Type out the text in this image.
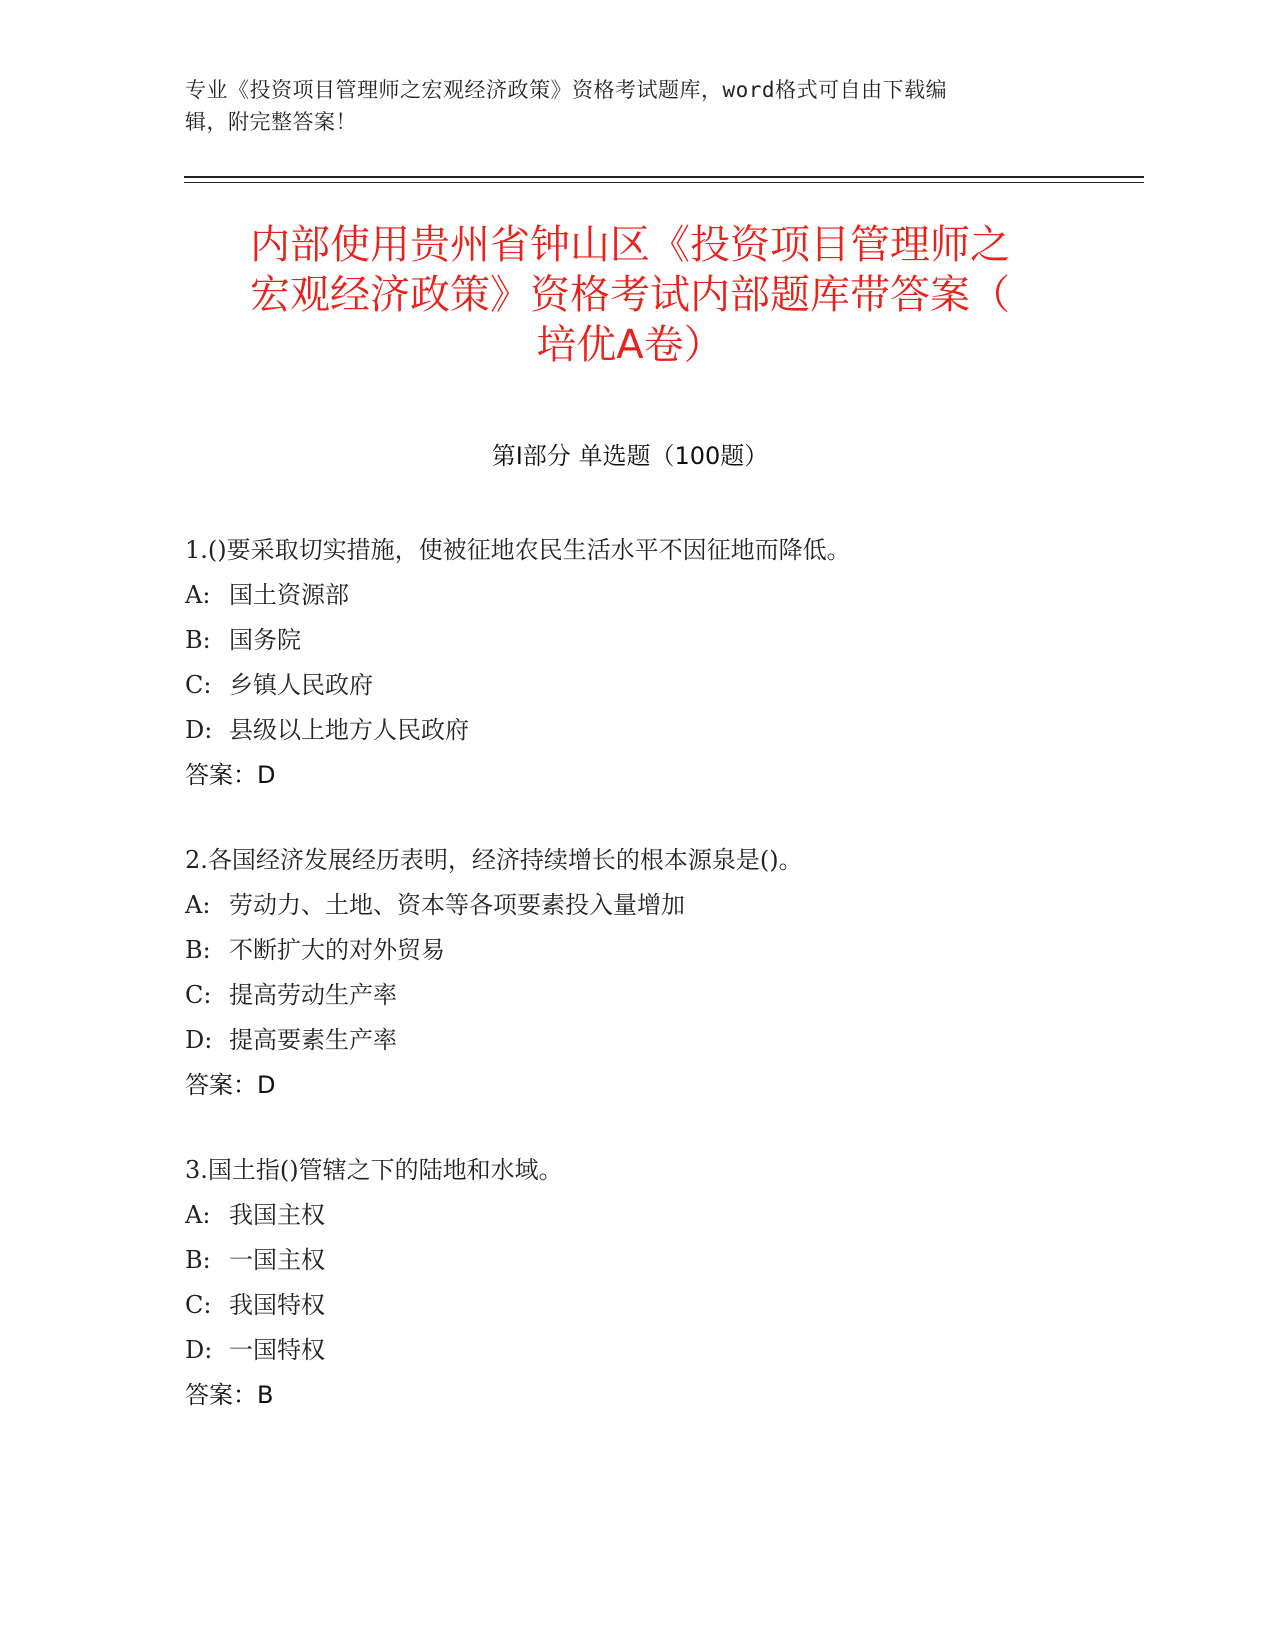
专业《投资项目管理师之宏观经济政策》资格考试题库，word格式可自由下载编
辑，附完整答案！
内部使用贵州省钟山区《投资项目管理师之
宏观经济政策》资格考试内部题库带答案（
培优A卷）
第I部分 单选题（100题）
1.()要采取切实措施，使被征地农民生活水平不因征地而降低。
A: 国土资源部
B: 国务院
C: 乡镇人民政府
D: 县级以上地方人民政府
答案：D
2.各国经济发展经历表明，经济持续增长的根本源泉是()。
A: 劳动力、土地、资本等各项要素投入量增加
B: 不断扩大的对外贸易
C: 提高劳动生产率
D: 提高要素生产率
答案：D
3.国土指()管辖之下的陆地和水域。
A: 我国主权
B: 一国主权
C: 我国特权
D: 一国特权
答案：B
